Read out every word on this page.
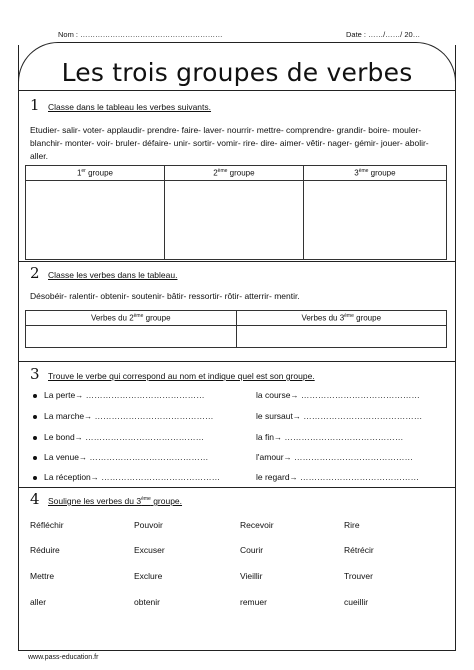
Nom : …………………………………………………	Date : ……/……/ 20…
Les trois groupes de verbes
1 Classe dans le tableau les verbes suivants.
Etudier- salir- voter- applaudir- prendre- faire- laver- nourrir- mettre- comprendre- grandir- boire- mouler- blanchir- monter- voir- bruler- défaire- unir- sortir- vomir- rire- dire- aimer- vêtir- nager- gémir- jouer- abolir- aller.
1er groupe	2ème groupe	3ème groupe

2 Classe les verbes dans le tableau.
Désobéir- ralentir- obtenir- soutenir- bâtir- ressortir- rôtir- atterrir- mentir.
Verbes du 2ème groupe	Verbes du 3ème groupe

3 Trouve le verbe qui correspond au nom et indique quel est son groupe.
La perte→ ……………………………………	la course→ ……………………………………
La marche→ ……………………………………	le sursaut→ ……………………………………
Le bond→ ……………………………………	la fin→ ……………………………………
La venue→ ……………………………………	l'amour→ ……………………………………
La réception→ ……………………………………	le regard→ ……………………………………
4 Souligne les verbes du 3ème groupe.
Réfléchir	Pouvoir	Recevoir	Rire
Réduire	Excuser	Courir	Rétrécir
Mettre	Exclure	Vieillir	Trouver
aller	obtenir	remuer	cueillir
www.pass-education.fr
